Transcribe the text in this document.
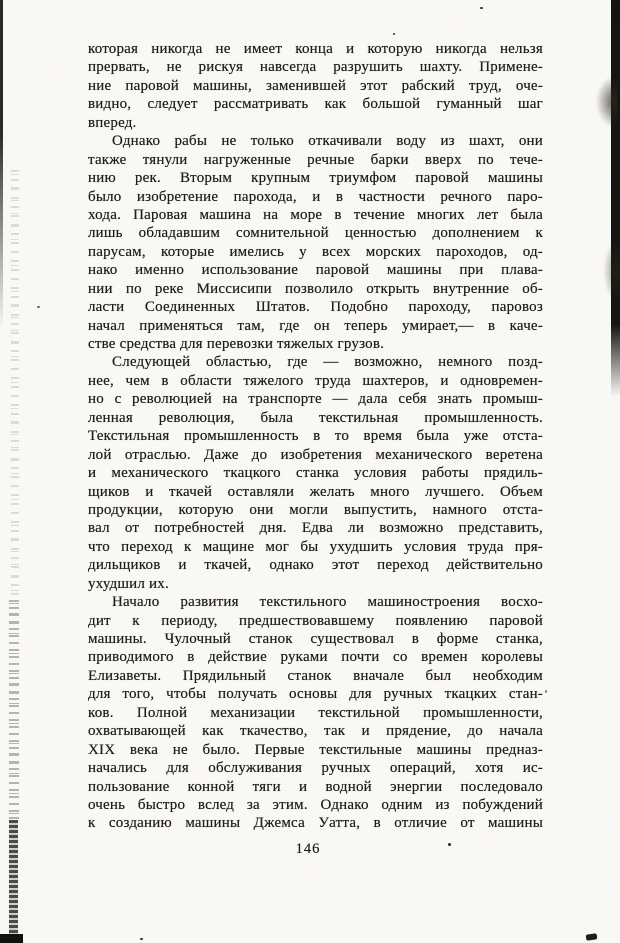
которая никогда не имеет конца и которую никогда нельзя
прервать, не рискуя навсегда разрушить шахту. Примене-
ние паровой машины, заменившей этот рабский труд, оче-
видно, следует рассматривать как большой гуманный шаг
вперед.
Однако рабы не только откачивали воду из шахт, они
также тянули нагруженные речные барки вверх по тече-
нию рек. Вторым крупным триумфом паровой машины
было изобретение парохода, и в частности речного паро-
хода. Паровая машина на море в течение многих лет была
лишь обладавшим сомнительной ценностью дополнением к
парусам, которые имелись у всех морских пароходов, од-
нако именно использование паровой машины при плава-
нии по реке Миссисипи позволило открыть внутренние об-
ласти Соединенных Штатов. Подобно пароходу, паровоз
начал применяться там, где он теперь умирает,— в каче-
стве средства для перевозки тяжелых грузов.
Следующей областью, где — возможно, немного позд-
нее, чем в области тяжелого труда шахтеров, и одновремен-
но с революцией на транспорте — дала себя знать промыш-
ленная революция, была текстильная промышленность.
Текстильная промышленность в то время была уже отста-
лой отраслью. Даже до изобретения механического веретена
и механического ткацкого станка условия работы прядиль-
щиков и ткачей оставляли желать много лучшего. Объем
продукции, которую они могли выпустить, намного отста-
вал от потребностей дня. Едва ли возможно представить,
что переход к мащине мог бы ухудшить условия труда пря-
дильщиков и ткачей, однако этот переход действительно
ухудшил их.
Начало развития текстильного машиностроения восхо-
дит к периоду, предшествовавшему появлению паровой
машины. Чулочный станок существовал в форме станка,
приводимого в действие руками почти со времен королевы
Елизаветы. Прядильный станок вначале был необходим
для того, чтобы получать основы для ручных ткацких стан-
ков. Полной механизации текстильной промышленности,
охватывающей как ткачество, так и прядение, до начала
XIX века не было. Первые текстильные машины предназ-
начались для обслуживания ручных операций, хотя ис-
пользование конной тяги и водной энергии последовало
очень быстро вслед за этим. Однако одним из побуждений
к созданию машины Джемса Уатта, в отличие от машины
146
